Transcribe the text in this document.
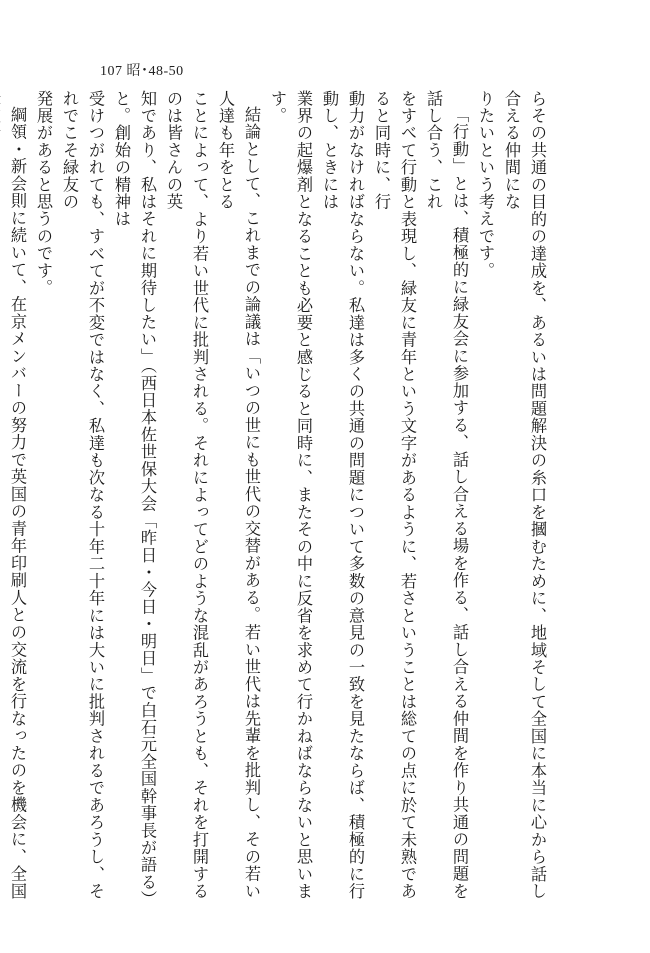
107 昭･48-50

らその共通の目的の達成を、あるいは問題解決の糸口を摑むために、地域そして全国に本当に心から話し合える仲間にな
りたいという考えです。

「行動」とは、積極的に緑友会に参加する、話し合える場を作る、話し合える仲間を作り共通の問題を話し合う、これ
をすべて行動と表現し、緑友に青年という文字があるように、若さということは総ての点に於て未熟であると同時に、行
動力がなければならない。私達は多くの共通の問題について多数の意見の一致を見たならば、積極的に行動し、ときには
業界の起爆剤となることも必要と感じると同時に、またその中に反省を求めて行かねばならないと思います。

結論として、これまでの論議は「いつの世にも世代の交替がある。若い世代は先輩を批判し、その若い人達も年をとる
ことによって、より若い世代に批判される。それによってどのような混乱があろうとも、それを打開するのは皆さんの英
知であり、私はそれに期待したい」（西日本佐世保大会「昨日・今日・明日」で白石元全国幹事長が語る）と。創始の精神は
受けつがれても、すべてが不変ではなく、私達も次なる十年二十年には大いに批判されるであろうし、それでこそ緑友の
発展があると思うのです。

綱領・新会則に続いて、在京メンバーの努力で英国の青年印刷人との交流を行なったのを機会に、全国
